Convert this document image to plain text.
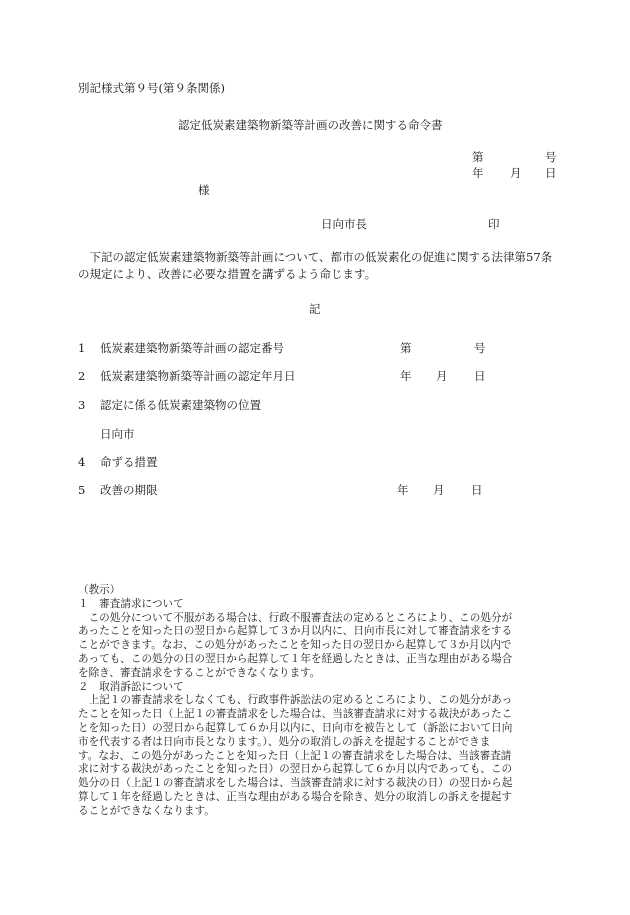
別記様式第９号(第９条関係)
認定低炭素建築物新築等計画の改善に関する命令書
第	号
年 月 日
様
日向市長	印

下記の認定低炭素建築物新築等計画について、都市の低炭素化の促進に関する法律第57条の規定により、改善に必要な措置を講ずるよう命じます。

記
1 低炭素建築物新築等計画の認定番号	第	号
2 低炭素建築物新築等計画の認定年月日	年 月 日
3 認定に係る低炭素建築物の位置
日向市
4 命ずる措置
5 改善の期限	年 月 日
（教示）
１　審査請求について
この処分について不服がある場合は、行政不服審査法の定めるところにより、この処分が
あったことを知った日の翌日から起算して３か月以内に、日向市長に対して審査請求をする
ことができます。なお、この処分があったことを知った日の翌日から起算して３か月以内で
あっても、この処分の日の翌日から起算して１年を経過したときは、正当な理由がある場合
を除き、審査請求をすることができなくなります。
２　取消訴訟について
上記１の審査請求をしなくても、行政事件訴訟法の定めるところにより、この処分があっ
たことを知った日（上記１の審査請求をした場合は、当該審査請求に対する裁決があったこ
とを知った日）の翌日から起算して６か月以内に、日向市を被告として（訴訟において日向
市を代表する者は日向市長となります。）、処分の取消しの訴えを提起することができま
す。なお、この処分があったことを知った日（上記１の審査請求をした場合は、当該審査請
求に対する裁決があったことを知った日）の翌日から起算して６か月以内であっても、この
処分の日（上記１の審査請求をした場合は、当該審査請求に対する裁決の日）の翌日から起
算して１年を経過したときは、正当な理由がある場合を除き、処分の取消しの訴えを提起す
ることができなくなります。
